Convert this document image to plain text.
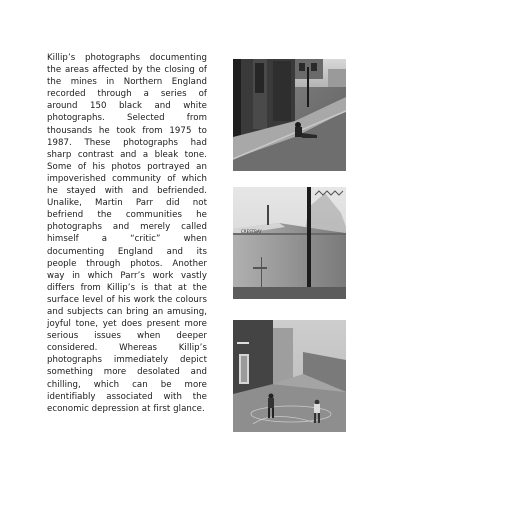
Killip’s photographs documenting
the areas affected by the closing of
the mines in Northern England
recorded through a series of
around 150 black and white
photographs. Selected from
thousands he took from 1975 to
1987. These photographs had
sharp contrast and a bleak tone.
Some of his photos portrayed an
impoverished community of which
he stayed with and befriended.
Unalike, Martin Parr did not
befriend the communities he
photographs and merely called
himself a “critic” when
documenting England and its
people through photos. Another
way in which Parr’s work vastly
differs from Killip’s is that at the
surface level of his work the colours
and subjects can bring an amusing,
joyful tone, yet does present more
serious issues when deeper
considered. Whereas Killip’s
photographs immediately depict
something more desolated and
chilling, which can be more
identifiably associated with the
economic depression at first glance.
CRESTBAY
